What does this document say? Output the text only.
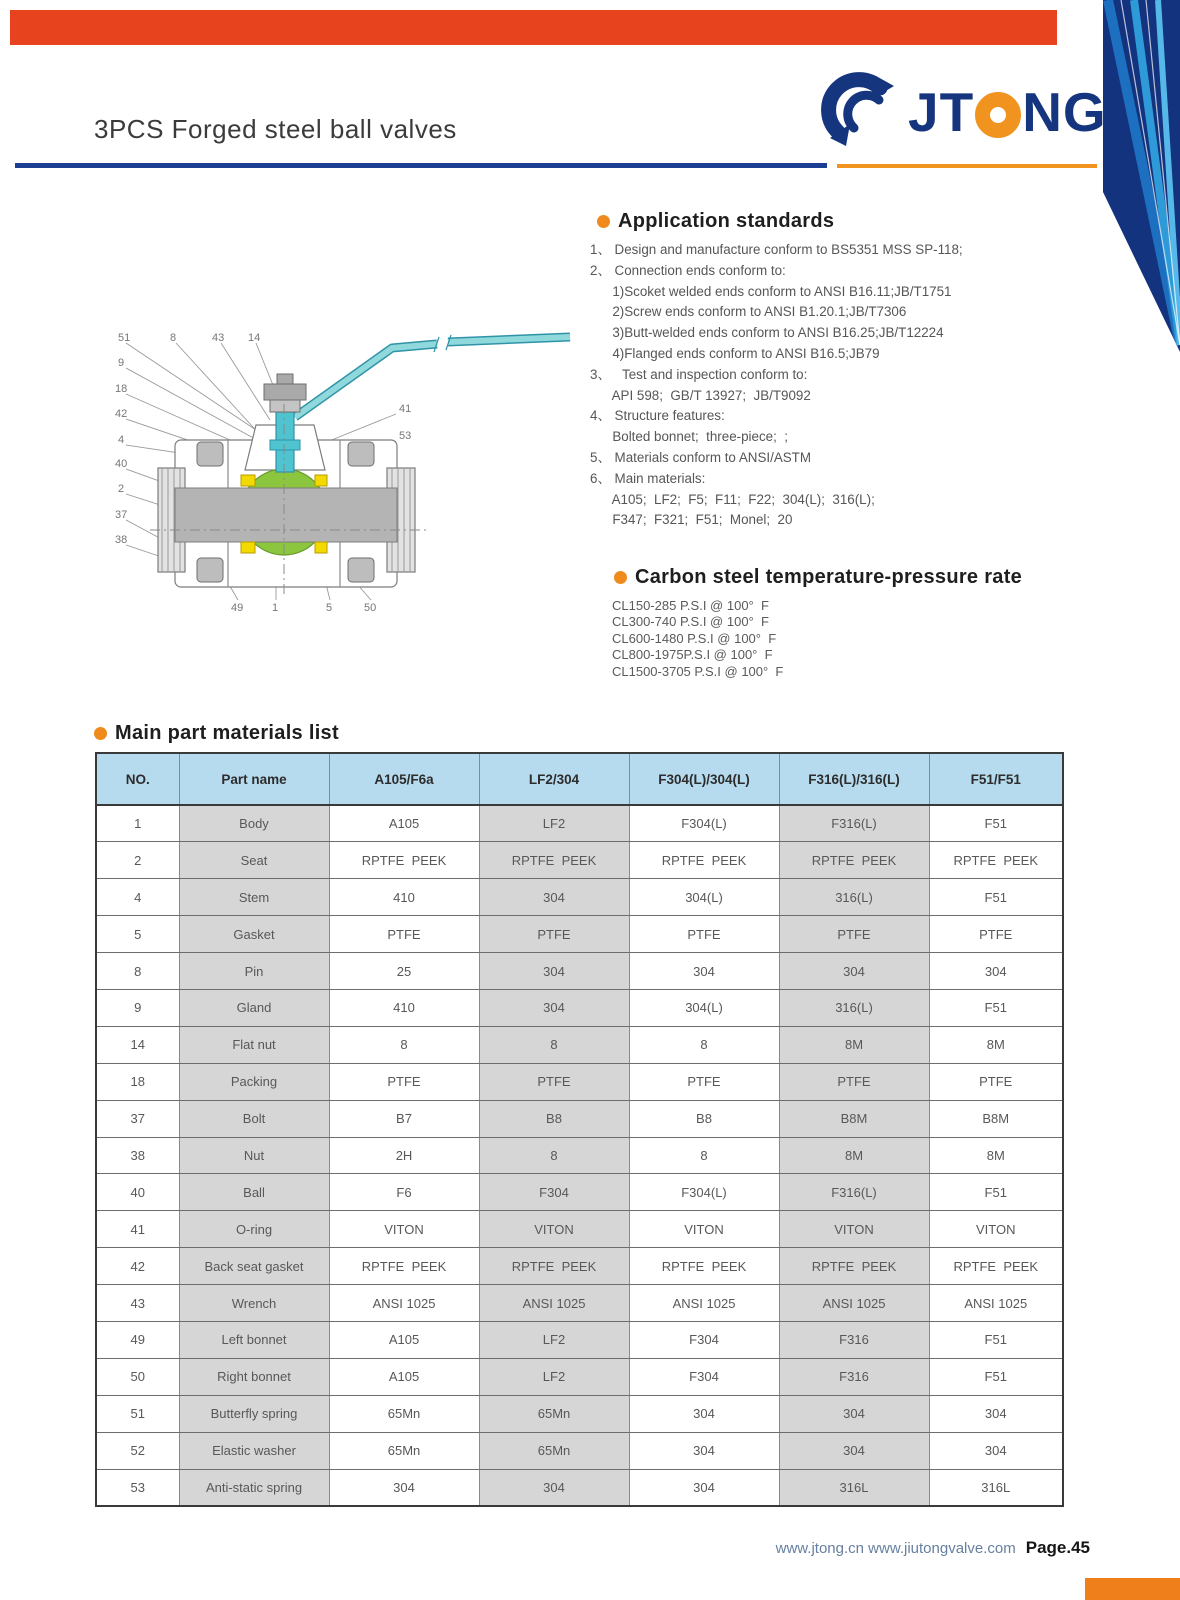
3PCS Forged steel ball valves	JT NG
51	8	43 14
9
18
42
4
40
2
37
38
41
53
49	1	5	50
Application standards
1、 Design and manufacture conform to BS5351 MSS SP-118;
2、 Connection ends conform to:
1)Scoket welded ends conform to ANSI B16.11;JB/T1751
2)Screw ends conform to ANSI B1.20.1;JB/T7306
3)Butt-welded ends conform to ANSI B16.25;JB/T12224
4)Flanged ends conform to ANSI B16.5;JB79
3、   Test and inspection conform to:
API 598;  GB/T 13927;  JB/T9092
4、 Structure features:
Bolted bonnet;  three-piece;  ;
5、 Materials conform to ANSI/ASTM
6、 Main materials:
A105;  LF2;  F5;  F11;  F22;  304(L);  316(L);
F347;  F321;  F51;  Monel;  20
Carbon steel temperature-pressure rate
CL150-285 P.S.I @ 100°  F
CL300-740 P.S.I @ 100°  F
CL600-1480 P.S.I @ 100°  F
CL800-1975P.S.I @ 100°  F
CL1500-3705 P.S.I @ 100°  F
Main part materials list
NO.	Part name	A105/F6a	LF2/304	F304(L)/304(L)	F316(L)/316(L)	F51/F51
1	Body	A105	LF2	F304(L)	F316(L)	F51
2	Seat	RPTFE  PEEK	RPTFE  PEEK	RPTFE  PEEK	RPTFE  PEEK	RPTFE  PEEK
4	Stem	410	304	304(L)	316(L)	F51
5	Gasket	PTFE	PTFE	PTFE	PTFE	PTFE
8	Pin	25	304	304	304	304
9	Gland	410	304	304(L)	316(L)	F51
14	Flat nut	8	8	8	8M	8M
18	Packing	PTFE	PTFE	PTFE	PTFE	PTFE
37	Bolt	B7	B8	B8	B8M	B8M
38	Nut	2H	8	8	8M	8M
40	Ball	F6	F304	F304(L)	F316(L)	F51
41	O-ring	VITON	VITON	VITON	VITON	VITON
42	Back seat gasket	RPTFE  PEEK	RPTFE  PEEK	RPTFE  PEEK	RPTFE  PEEK	RPTFE  PEEK
43	Wrench	ANSI 1025	ANSI 1025	ANSI 1025	ANSI 1025	ANSI 1025
49	Left bonnet	A105	LF2	F304	F316	F51
50	Right bonnet	A105	LF2	F304	F316	F51
51	Butterfly spring	65Mn	65Mn	304	304	304
52	Elastic washer	65Mn	65Mn	304	304	304
53	Anti-static spring	304	304	304	316L	316L
www.jtong.cn www.jiutongvalve.com Page.45
